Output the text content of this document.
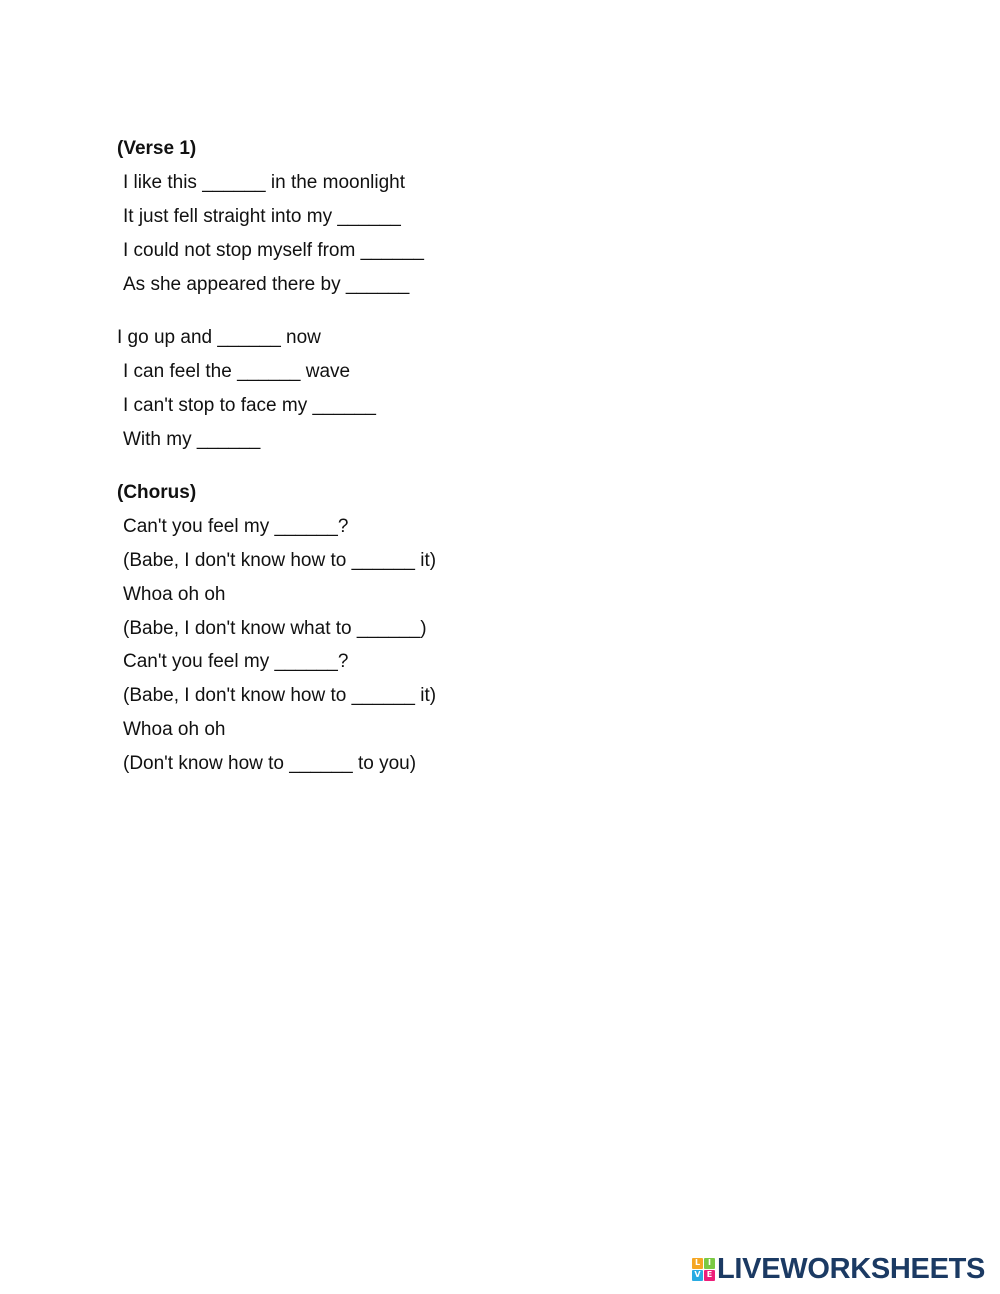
(Verse 1)
I like this ______ in the moonlight
It just fell straight into my ______
I could not stop myself from ______
As she appeared there by ______
I go up and ______ now
I can feel the ______ wave
I can't stop to face my ______
With my ______
(Chorus)
Can't you feel my ______?
(Babe, I don't know how to ______ it)
Whoa oh oh
(Babe, I don't know what to ______)
Can't you feel my ______?
(Babe, I don't know how to ______ it)
Whoa oh oh
(Don't know how to ______ to you)
L I
V E LIVEWORKSHEETS
